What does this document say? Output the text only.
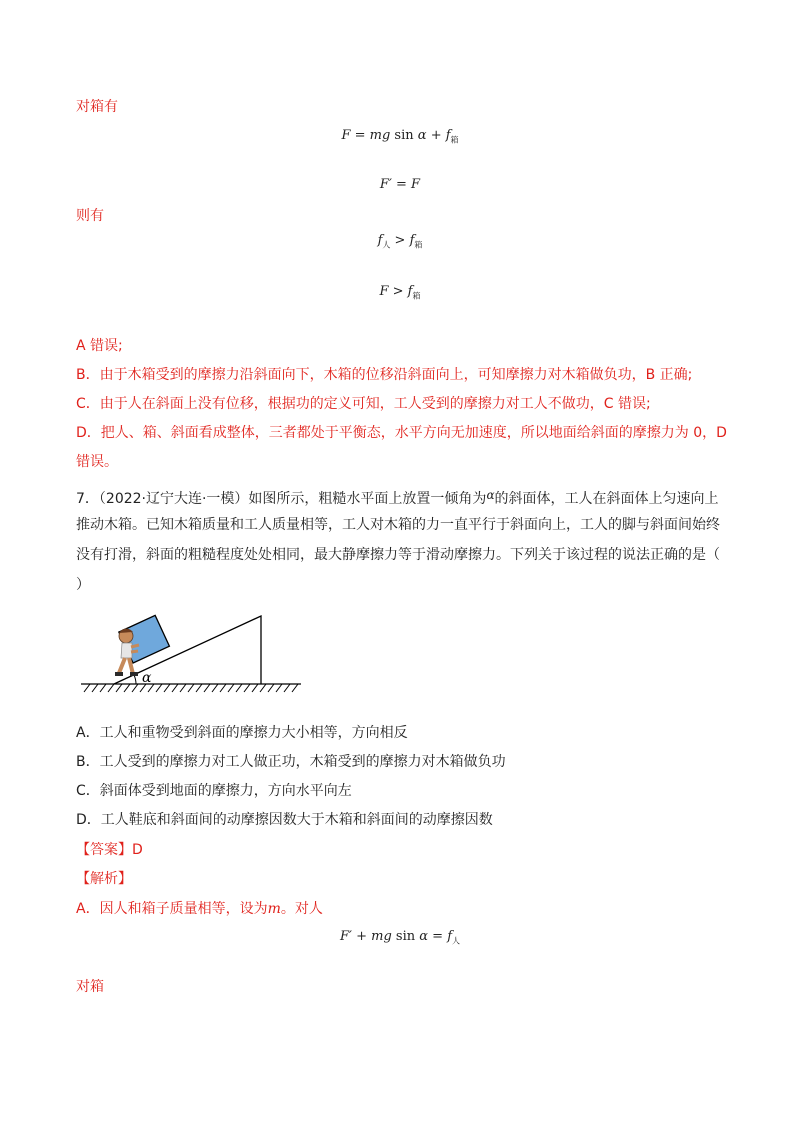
对箱有
F = mg $\sin \alpha + f_箱$
F′ = F
则有
$f_人 > f_箱$
$F > f_箱$
A 错误;
B．由于木箱受到的摩擦力沿斜面向下，木箱的位移沿斜面向上，可知摩擦力对木箱做负功，B 正确;
C．由于人在斜面上没有位移，根据功的定义可知，工人受到的摩擦力对工人不做功，C 错误;
D．把人、箱、斜面看成整体，三者都处于平衡态，水平方向无加速度，所以地面给斜面的摩擦力为 0，D
错误。
7．（2022·辽宁大连·一模）如图所示，粗糙水平面上放置一倾角为α的斜面体，工人在斜面体上匀速向上
推动木箱。已知木箱质量和工人质量相等，工人对木箱的力一直平行于斜面向上，工人的脚与斜面间始终
没有打滑，斜面的粗糙程度处处相同，最大静摩擦力等于滑动摩擦力。下列关于该过程的说法正确的是（
）
α
A．工人和重物受到斜面的摩擦力大小相等，方向相反
B．工人受到的摩擦力对工人做正功，木箱受到的摩擦力对木箱做负功
C．斜面体受到地面的摩擦力，方向水平向左
D．工人鞋底和斜面间的动摩擦因数大于木箱和斜面间的动摩擦因数
【答案】D
【解析】
A．因人和箱子质量相等，设为m。对人
F′ + mg $\sin \alpha = f_人$
对箱
